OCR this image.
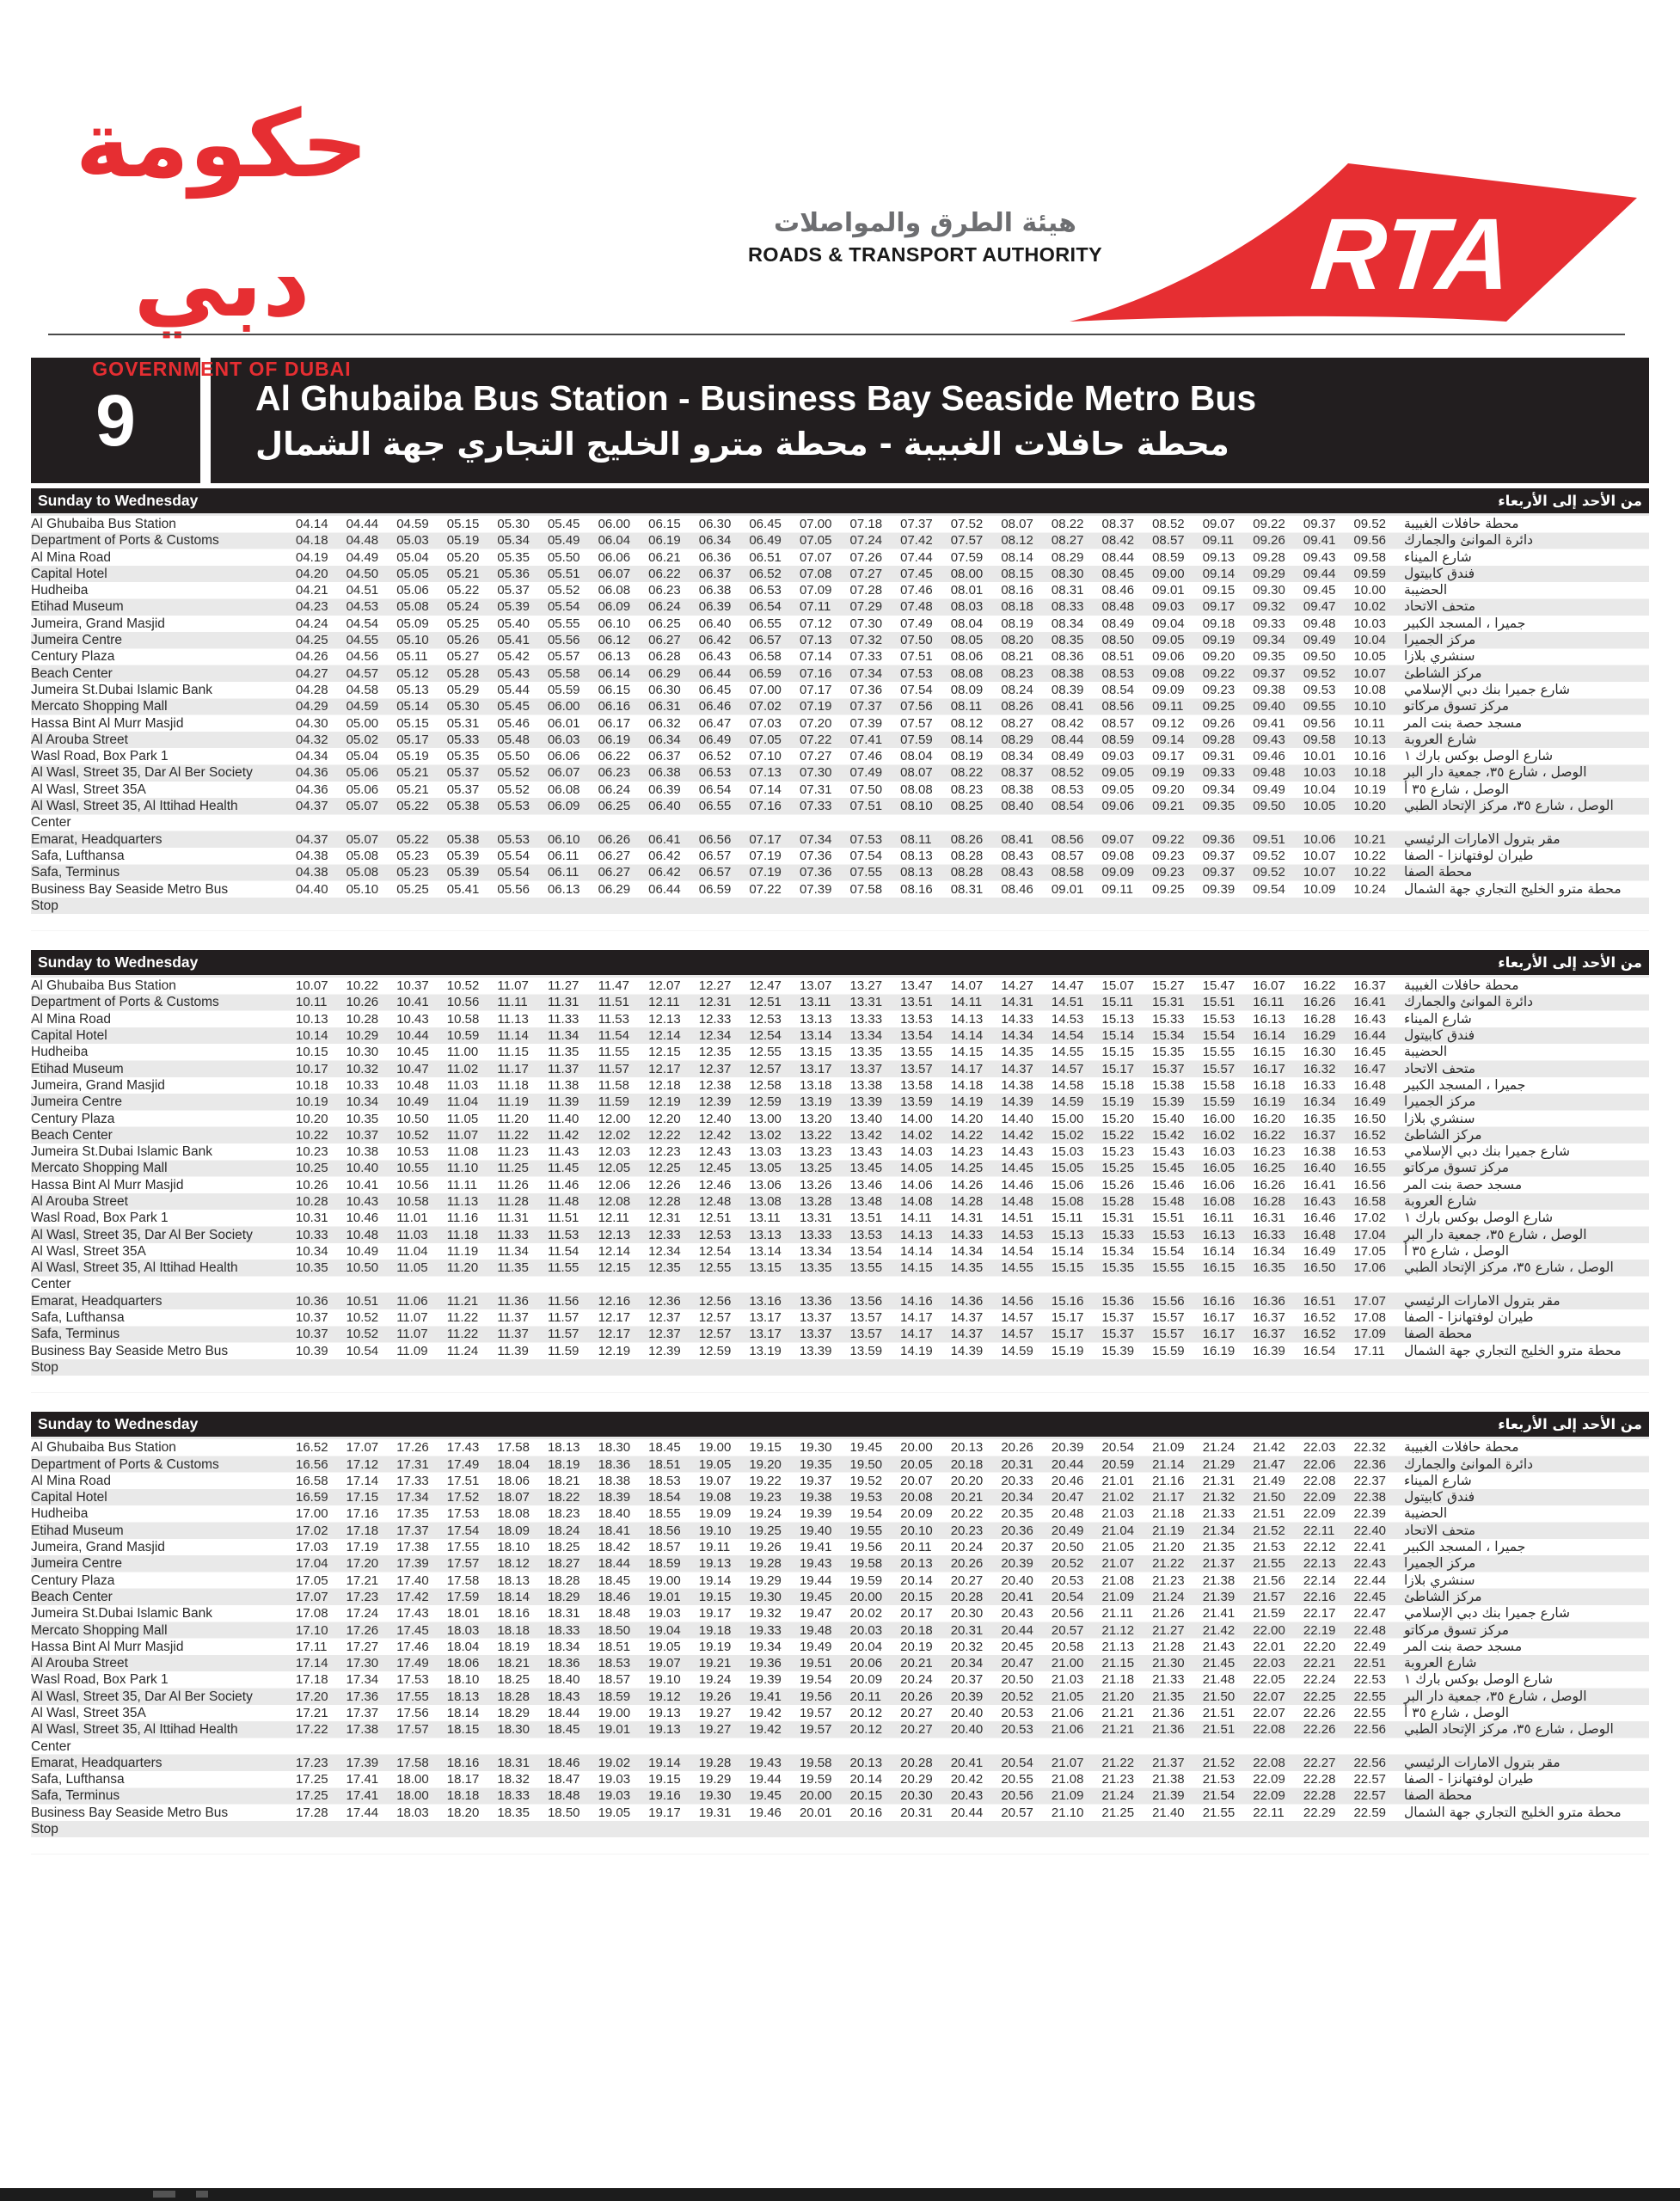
حكومة دبي
GOVERNMENT OF DUBAI
هيئة الطرق والمواصلات
ROADS & TRANSPORT AUTHORITY RTA
9	Al Ghubaiba Bus Station - Business Bay Seaside Metro Bus
محطة حافلات الغبيبة - محطة مترو الخليج التجاري جهة الشمال
Sunday to Wednesday	من الأحد إلى الأربعاء
Al Ghubaiba Bus Station	04.14	04.44	04.59	05.15	05.30	05.45	06.00	06.15	06.30	06.45	07.00	07.18	07.37	07.52	08.07	08.22	08.37	08.52	09.07	09.22	09.37	09.52	محطة حافلات الغبيبة
Department of Ports & Customs	04.18	04.48	05.03	05.19	05.34	05.49	06.04	06.19	06.34	06.49	07.05	07.24	07.42	07.57	08.12	08.27	08.42	08.57	09.11	09.26	09.41	09.56	دائرة الموانئ والجمارك
Al Mina Road	04.19	04.49	05.04	05.20	05.35	05.50	06.06	06.21	06.36	06.51	07.07	07.26	07.44	07.59	08.14	08.29	08.44	08.59	09.13	09.28	09.43	09.58	شارع الميناء
Capital Hotel	04.20	04.50	05.05	05.21	05.36	05.51	06.07	06.22	06.37	06.52	07.08	07.27	07.45	08.00	08.15	08.30	08.45	09.00	09.14	09.29	09.44	09.59	فندق كابيتول
Hudheiba	04.21	04.51	05.06	05.22	05.37	05.52	06.08	06.23	06.38	06.53	07.09	07.28	07.46	08.01	08.16	08.31	08.46	09.01	09.15	09.30	09.45	10.00	الحضيبة
Etihad Museum	04.23	04.53	05.08	05.24	05.39	05.54	06.09	06.24	06.39	06.54	07.11	07.29	07.48	08.03	08.18	08.33	08.48	09.03	09.17	09.32	09.47	10.02	متحف الاتحاد
Jumeira, Grand Masjid	04.24	04.54	05.09	05.25	05.40	05.55	06.10	06.25	06.40	06.55	07.12	07.30	07.49	08.04	08.19	08.34	08.49	09.04	09.18	09.33	09.48	10.03	جميرا ، المسجد الكبير
Jumeira Centre	04.25	04.55	05.10	05.26	05.41	05.56	06.12	06.27	06.42	06.57	07.13	07.32	07.50	08.05	08.20	08.35	08.50	09.05	09.19	09.34	09.49	10.04	مركز الجميرا
Century Plaza	04.26	04.56	05.11	05.27	05.42	05.57	06.13	06.28	06.43	06.58	07.14	07.33	07.51	08.06	08.21	08.36	08.51	09.06	09.20	09.35	09.50	10.05	سنشري بلازا
Beach Center	04.27	04.57	05.12	05.28	05.43	05.58	06.14	06.29	06.44	06.59	07.16	07.34	07.53	08.08	08.23	08.38	08.53	09.08	09.22	09.37	09.52	10.07	مركز الشاطئ
Jumeira St.Dubai Islamic Bank	04.28	04.58	05.13	05.29	05.44	05.59	06.15	06.30	06.45	07.00	07.17	07.36	07.54	08.09	08.24	08.39	08.54	09.09	09.23	09.38	09.53	10.08	شارع جميرا بنك دبي الإسلامي
Mercato Shopping Mall	04.29	04.59	05.14	05.30	05.45	06.00	06.16	06.31	06.46	07.02	07.19	07.37	07.56	08.11	08.26	08.41	08.56	09.11	09.25	09.40	09.55	10.10	مركز تسوق مركاتو
Hassa Bint Al Murr Masjid	04.30	05.00	05.15	05.31	05.46	06.01	06.17	06.32	06.47	07.03	07.20	07.39	07.57	08.12	08.27	08.42	08.57	09.12	09.26	09.41	09.56	10.11	مسجد حصة بنت المر
Al Arouba Street	04.32	05.02	05.17	05.33	05.48	06.03	06.19	06.34	06.49	07.05	07.22	07.41	07.59	08.14	08.29	08.44	08.59	09.14	09.28	09.43	09.58	10.13	شارع العروبة
Wasl Road, Box Park 1	04.34	05.04	05.19	05.35	05.50	06.06	06.22	06.37	06.52	07.10	07.27	07.46	08.04	08.19	08.34	08.49	09.03	09.17	09.31	09.46	10.01	10.16	شارع الوصل بوكس بارك ١
Al Wasl, Street 35, Dar Al Ber Society	04.36	05.06	05.21	05.37	05.52	06.07	06.23	06.38	06.53	07.13	07.30	07.49	08.07	08.22	08.37	08.52	09.05	09.19	09.33	09.48	10.03	10.18	الوصل ، شارع ٣٥، جمعية دار البر
Al Wasl, Street 35A	04.36	05.06	05.21	05.37	05.52	06.08	06.24	06.39	06.54	07.14	07.31	07.50	08.08	08.23	08.38	08.53	09.05	09.20	09.34	09.49	10.04	10.19	الوصل ، شارع ٣٥ أ
Al Wasl, Street 35, Al Ittihad Health Center
04.37	05.07	05.22	05.38	05.53	06.09	06.25	06.40	06.55	07.16	07.33	07.51	08.10	08.25	08.40	08.54	09.06	09.21	09.35	09.50	10.05	10.20	الوصل ، شارع ٣٥، مركز الإتحاد الطبي
Emarat, Headquarters	04.37	05.07	05.22	05.38	05.53	06.10	06.26	06.41	06.56	07.17	07.34	07.53	08.11	08.26	08.41	08.56	09.07	09.22	09.36	09.51	10.06	10.21	مقر بترول الامارات الرئيسي
Safa, Lufthansa	04.38	05.08	05.23	05.39	05.54	06.11	06.27	06.42	06.57	07.19	07.36	07.54	08.13	08.28	08.43	08.57	09.08	09.23	09.37	09.52	10.07	10.22	طيران لوفتهانزا - الصفا
Safa, Terminus	04.38	05.08	05.23	05.39	05.54	06.11	06.27	06.42	06.57	07.19	07.36	07.55	08.13	08.28	08.43	08.58	09.09	09.23	09.37	09.52	10.07	10.22	محطة الصفا
Business Bay Seaside Metro Bus Stop
04.40	05.10	05.25	05.41	05.56	06.13	06.29	06.44	06.59	07.22	07.39	07.58	08.16	08.31	08.46	09.01	09.11	09.25	09.39	09.54	10.09	10.24	محطة مترو الخليج التجاري جهة الشمال
Sunday to Wednesday	من الأحد إلى الأربعاء
Al Ghubaiba Bus Station	10.07	10.22	10.37	10.52	11.07	11.27	11.47	12.07	12.27	12.47	13.07	13.27	13.47	14.07	14.27	14.47	15.07	15.27	15.47	16.07	16.22	16.37	محطة حافلات الغبيبة
Department of Ports & Customs	10.11	10.26	10.41	10.56	11.11	11.31	11.51	12.11	12.31	12.51	13.11	13.31	13.51	14.11	14.31	14.51	15.11	15.31	15.51	16.11	16.26	16.41	دائرة الموانئ والجمارك
Al Mina Road	10.13	10.28	10.43	10.58	11.13	11.33	11.53	12.13	12.33	12.53	13.13	13.33	13.53	14.13	14.33	14.53	15.13	15.33	15.53	16.13	16.28	16.43	شارع الميناء
Capital Hotel	10.14	10.29	10.44	10.59	11.14	11.34	11.54	12.14	12.34	12.54	13.14	13.34	13.54	14.14	14.34	14.54	15.14	15.34	15.54	16.14	16.29	16.44	فندق كابيتول
Hudheiba	10.15	10.30	10.45	11.00	11.15	11.35	11.55	12.15	12.35	12.55	13.15	13.35	13.55	14.15	14.35	14.55	15.15	15.35	15.55	16.15	16.30	16.45	الحضيبة
Etihad Museum	10.17	10.32	10.47	11.02	11.17	11.37	11.57	12.17	12.37	12.57	13.17	13.37	13.57	14.17	14.37	14.57	15.17	15.37	15.57	16.17	16.32	16.47	متحف الاتحاد
Jumeira, Grand Masjid	10.18	10.33	10.48	11.03	11.18	11.38	11.58	12.18	12.38	12.58	13.18	13.38	13.58	14.18	14.38	14.58	15.18	15.38	15.58	16.18	16.33	16.48	جميرا ، المسجد الكبير
Jumeira Centre	10.19	10.34	10.49	11.04	11.19	11.39	11.59	12.19	12.39	12.59	13.19	13.39	13.59	14.19	14.39	14.59	15.19	15.39	15.59	16.19	16.34	16.49	مركز الجميرا
Century Plaza	10.20	10.35	10.50	11.05	11.20	11.40	12.00	12.20	12.40	13.00	13.20	13.40	14.00	14.20	14.40	15.00	15.20	15.40	16.00	16.20	16.35	16.50	سنشري بلازا
Beach Center	10.22	10.37	10.52	11.07	11.22	11.42	12.02	12.22	12.42	13.02	13.22	13.42	14.02	14.22	14.42	15.02	15.22	15.42	16.02	16.22	16.37	16.52	مركز الشاطئ
Jumeira St.Dubai Islamic Bank	10.23	10.38	10.53	11.08	11.23	11.43	12.03	12.23	12.43	13.03	13.23	13.43	14.03	14.23	14.43	15.03	15.23	15.43	16.03	16.23	16.38	16.53	شارع جميرا بنك دبي الإسلامي
Mercato Shopping Mall	10.25	10.40	10.55	11.10	11.25	11.45	12.05	12.25	12.45	13.05	13.25	13.45	14.05	14.25	14.45	15.05	15.25	15.45	16.05	16.25	16.40	16.55	مركز تسوق مركاتو
Hassa Bint Al Murr Masjid	10.26	10.41	10.56	11.11	11.26	11.46	12.06	12.26	12.46	13.06	13.26	13.46	14.06	14.26	14.46	15.06	15.26	15.46	16.06	16.26	16.41	16.56	مسجد حصة بنت المر
Al Arouba Street	10.28	10.43	10.58	11.13	11.28	11.48	12.08	12.28	12.48	13.08	13.28	13.48	14.08	14.28	14.48	15.08	15.28	15.48	16.08	16.28	16.43	16.58	شارع العروبة
Wasl Road, Box Park 1	10.31	10.46	11.01	11.16	11.31	11.51	12.11	12.31	12.51	13.11	13.31	13.51	14.11	14.31	14.51	15.11	15.31	15.51	16.11	16.31	16.46	17.02	شارع الوصل بوكس بارك ١
Al Wasl, Street 35, Dar Al Ber Society	10.33	10.48	11.03	11.18	11.33	11.53	12.13	12.33	12.53	13.13	13.33	13.53	14.13	14.33	14.53	15.13	15.33	15.53	16.13	16.33	16.48	17.04	الوصل ، شارع ٣٥، جمعية دار البر
Al Wasl, Street 35A	10.34	10.49	11.04	11.19	11.34	11.54	12.14	12.34	12.54	13.14	13.34	13.54	14.14	14.34	14.54	15.14	15.34	15.54	16.14	16.34	16.49	17.05	الوصل ، شارع ٣٥ أ
Al Wasl, Street 35, Al Ittihad Health Center
10.35	10.50	11.05	11.20	11.35	11.55	12.15	12.35	12.55	13.15	13.35	13.55	14.15	14.35	14.55	15.15	15.35	15.55	16.15	16.35	16.50	17.06	الوصل ، شارع ٣٥، مركز الإتحاد الطبي
Emarat, Headquarters	10.36	10.51	11.06	11.21	11.36	11.56	12.16	12.36	12.56	13.16	13.36	13.56	14.16	14.36	14.56	15.16	15.36	15.56	16.16	16.36	16.51	17.07	مقر بترول الامارات الرئيسي
Safa, Lufthansa	10.37	10.52	11.07	11.22	11.37	11.57	12.17	12.37	12.57	13.17	13.37	13.57	14.17	14.37	14.57	15.17	15.37	15.57	16.17	16.37	16.52	17.08	طيران لوفتهانزا - الصفا
Safa, Terminus	10.37	10.52	11.07	11.22	11.37	11.57	12.17	12.37	12.57	13.17	13.37	13.57	14.17	14.37	14.57	15.17	15.37	15.57	16.17	16.37	16.52	17.09	محطة الصفا
Business Bay Seaside Metro Bus Stop
10.39	10.54	11.09	11.24	11.39	11.59	12.19	12.39	12.59	13.19	13.39	13.59	14.19	14.39	14.59	15.19	15.39	15.59	16.19	16.39	16.54	17.11	محطة مترو الخليج التجاري جهة الشمال
Sunday to Wednesday	من الأحد إلى الأربعاء
Al Ghubaiba Bus Station	16.52	17.07	17.26	17.43	17.58	18.13	18.30	18.45	19.00	19.15	19.30	19.45	20.00	20.13	20.26	20.39	20.54	21.09	21.24	21.42	22.03	22.32	محطة حافلات الغبيبة
Department of Ports & Customs	16.56	17.12	17.31	17.49	18.04	18.19	18.36	18.51	19.05	19.20	19.35	19.50	20.05	20.18	20.31	20.44	20.59	21.14	21.29	21.47	22.06	22.36	دائرة الموانئ والجمارك
Al Mina Road	16.58	17.14	17.33	17.51	18.06	18.21	18.38	18.53	19.07	19.22	19.37	19.52	20.07	20.20	20.33	20.46	21.01	21.16	21.31	21.49	22.08	22.37	شارع الميناء
Capital Hotel	16.59	17.15	17.34	17.52	18.07	18.22	18.39	18.54	19.08	19.23	19.38	19.53	20.08	20.21	20.34	20.47	21.02	21.17	21.32	21.50	22.09	22.38	فندق كابيتول
Hudheiba	17.00	17.16	17.35	17.53	18.08	18.23	18.40	18.55	19.09	19.24	19.39	19.54	20.09	20.22	20.35	20.48	21.03	21.18	21.33	21.51	22.09	22.39	الحضيبة
Etihad Museum	17.02	17.18	17.37	17.54	18.09	18.24	18.41	18.56	19.10	19.25	19.40	19.55	20.10	20.23	20.36	20.49	21.04	21.19	21.34	21.52	22.11	22.40	متحف الاتحاد
Jumeira, Grand Masjid	17.03	17.19	17.38	17.55	18.10	18.25	18.42	18.57	19.11	19.26	19.41	19.56	20.11	20.24	20.37	20.50	21.05	21.20	21.35	21.53	22.12	22.41	جميرا ، المسجد الكبير
Jumeira Centre	17.04	17.20	17.39	17.57	18.12	18.27	18.44	18.59	19.13	19.28	19.43	19.58	20.13	20.26	20.39	20.52	21.07	21.22	21.37	21.55	22.13	22.43	مركز الجميرا
Century Plaza	17.05	17.21	17.40	17.58	18.13	18.28	18.45	19.00	19.14	19.29	19.44	19.59	20.14	20.27	20.40	20.53	21.08	21.23	21.38	21.56	22.14	22.44	سنشري بلازا
Beach Center	17.07	17.23	17.42	17.59	18.14	18.29	18.46	19.01	19.15	19.30	19.45	20.00	20.15	20.28	20.41	20.54	21.09	21.24	21.39	21.57	22.16	22.45	مركز الشاطئ
Jumeira St.Dubai Islamic Bank	17.08	17.24	17.43	18.01	18.16	18.31	18.48	19.03	19.17	19.32	19.47	20.02	20.17	20.30	20.43	20.56	21.11	21.26	21.41	21.59	22.17	22.47	شارع جميرا بنك دبي الإسلامي
Mercato Shopping Mall	17.10	17.26	17.45	18.03	18.18	18.33	18.50	19.04	19.18	19.33	19.48	20.03	20.18	20.31	20.44	20.57	21.12	21.27	21.42	22.00	22.19	22.48	مركز تسوق مركاتو
Hassa Bint Al Murr Masjid	17.11	17.27	17.46	18.04	18.19	18.34	18.51	19.05	19.19	19.34	19.49	20.04	20.19	20.32	20.45	20.58	21.13	21.28	21.43	22.01	22.20	22.49	مسجد حصة بنت المر
Al Arouba Street	17.14	17.30	17.49	18.06	18.21	18.36	18.53	19.07	19.21	19.36	19.51	20.06	20.21	20.34	20.47	21.00	21.15	21.30	21.45	22.03	22.21	22.51	شارع العروبة
Wasl Road, Box Park 1	17.18	17.34	17.53	18.10	18.25	18.40	18.57	19.10	19.24	19.39	19.54	20.09	20.24	20.37	20.50	21.03	21.18	21.33	21.48	22.05	22.24	22.53	شارع الوصل بوكس بارك ١
Al Wasl, Street 35, Dar Al Ber Society	17.20	17.36	17.55	18.13	18.28	18.43	18.59	19.12	19.26	19.41	19.56	20.11	20.26	20.39	20.52	21.05	21.20	21.35	21.50	22.07	22.25	22.55	الوصل ، شارع ٣٥، جمعية دار البر
Al Wasl, Street 35A	17.21	17.37	17.56	18.14	18.29	18.44	19.00	19.13	19.27	19.42	19.57	20.12	20.27	20.40	20.53	21.06	21.21	21.36	21.51	22.07	22.26	22.55	الوصل ، شارع ٣٥ أ
Al Wasl, Street 35, Al Ittihad Health Center
17.22	17.38	17.57	18.15	18.30	18.45	19.01	19.13	19.27	19.42	19.57	20.12	20.27	20.40	20.53	21.06	21.21	21.36	21.51	22.08	22.26	22.56	الوصل ، شارع ٣٥، مركز الإتحاد الطبي
Emarat, Headquarters	17.23	17.39	17.58	18.16	18.31	18.46	19.02	19.14	19.28	19.43	19.58	20.13	20.28	20.41	20.54	21.07	21.22	21.37	21.52	22.08	22.27	22.56	مقر بترول الامارات الرئيسي
Safa, Lufthansa	17.25	17.41	18.00	18.17	18.32	18.47	19.03	19.15	19.29	19.44	19.59	20.14	20.29	20.42	20.55	21.08	21.23	21.38	21.53	22.09	22.28	22.57	طيران لوفتهانزا - الصفا
Safa, Terminus	17.25	17.41	18.00	18.18	18.33	18.48	19.03	19.16	19.30	19.45	20.00	20.15	20.30	20.43	20.56	21.09	21.24	21.39	21.54	22.09	22.28	22.57	محطة الصفا
Business Bay Seaside Metro Bus Stop
17.28	17.44	18.03	18.20	18.35	18.50	19.05	19.17	19.31	19.46	20.01	20.16	20.31	20.44	20.57	21.10	21.25	21.40	21.55	22.11	22.29	22.59	محطة مترو الخليج التجاري جهة الشمال
